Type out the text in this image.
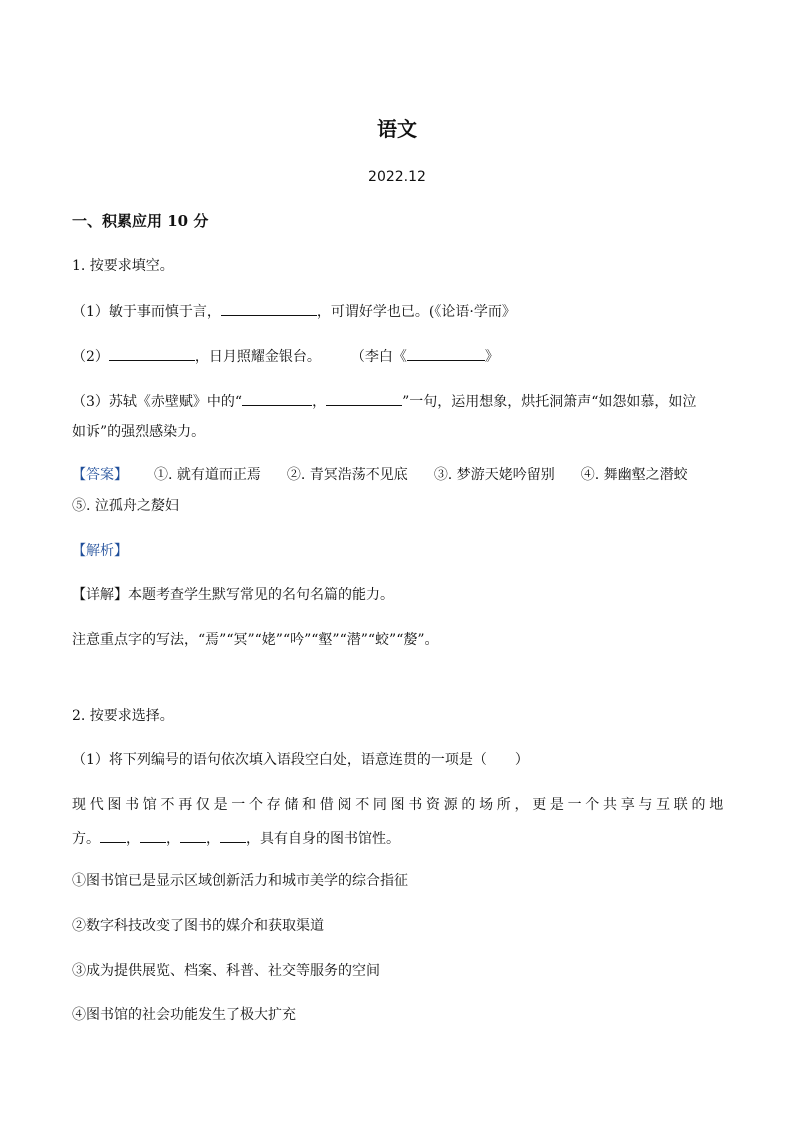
语文
2022.12
一、积累应用 10 分
1. 按要求填空。
（1）敏于事而慎于言，	，可谓好学也已。(《论语·学而》
（2）	，日月照耀金银台。 （李白《	》
（3）苏轼《赤壁赋》中的“	，	”一句，运用想象，烘托洞箫声“如怨如慕，如泣
如诉”的强烈感染力。
【答案】 ①. 就有道而正焉 ②. 青冥浩荡不见底 ③. 梦游天姥吟留别 ④. 舞幽壑之潜蛟
⑤. 泣孤舟之嫠妇
【解析】
【详解】本题考查学生默写常见的名句名篇的能力。
注意重点字的写法，“焉”“冥”“姥”“吟”“壑”“潜”“蛟”“嫠”。
2. 按要求选择。
（1）将下列编号的语句依次填入语段空白处，语意连贯的一项是（　　）
现代图书馆不再仅是一个存储和借阅不同图书资源的场所，更是一个共享与互联的地
方。 ， ， ， ，具有自身的图书馆性。
①图书馆已是显示区域创新活力和城市美学的综合指征
②数字科技改变了图书的媒介和获取渠道
③成为提供展览、档案、科普、社交等服务的空间
④图书馆的社会功能发生了极大扩充
